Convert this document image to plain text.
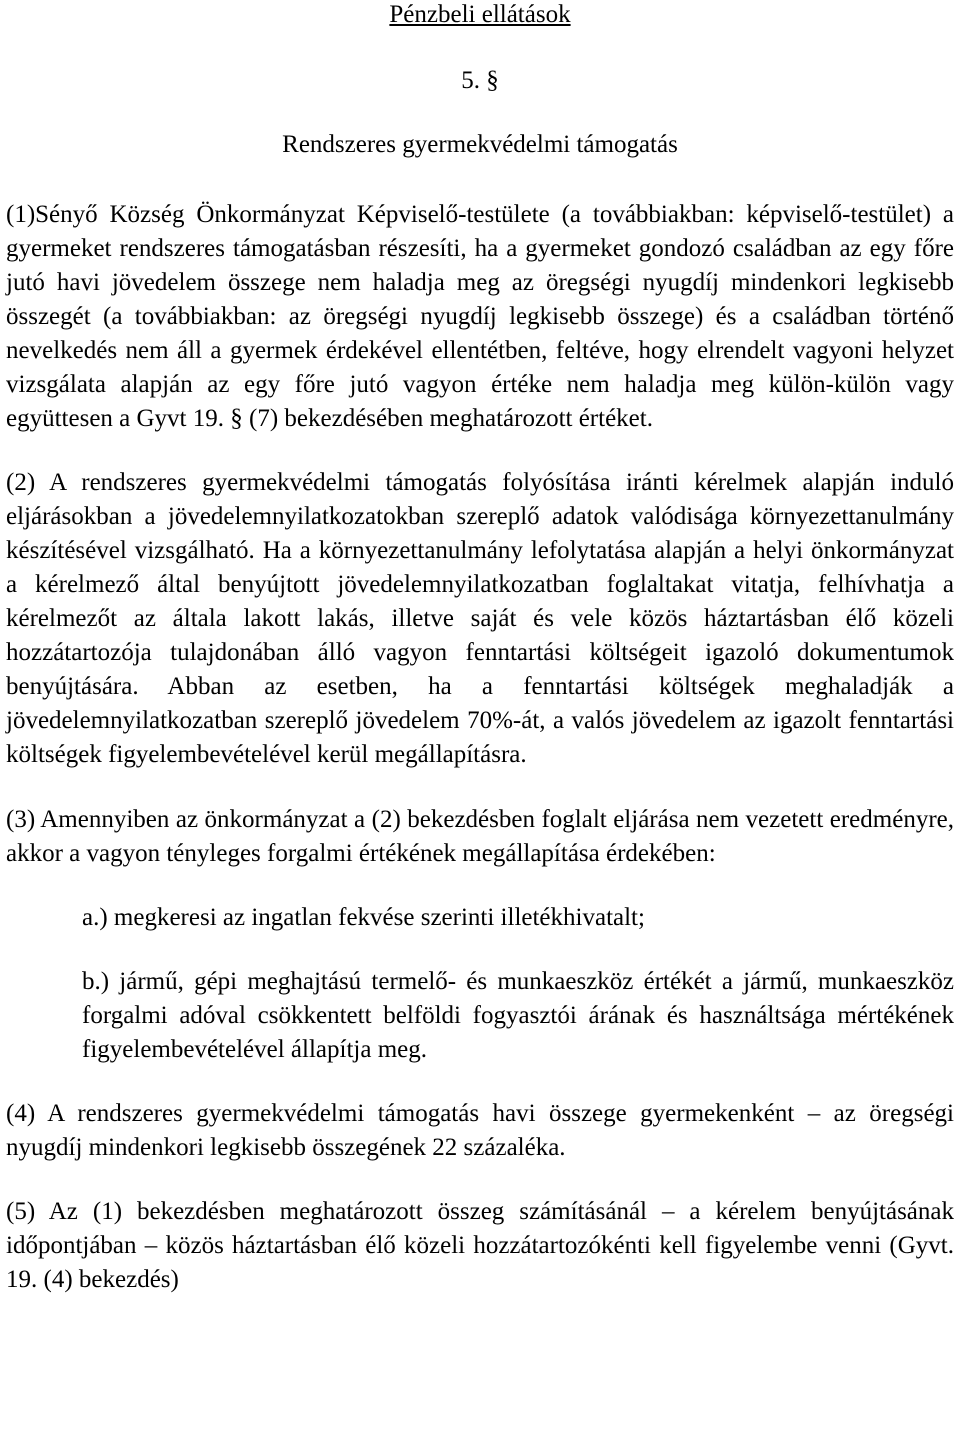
Pénzbeli ellátások

5. §

Rendszeres gyermekvédelmi támogatás

(1)Sényő Község Önkormányzat Képviselő-testülete (a továbbiakban: képviselő-testület) a gyermeket rendszeres támogatásban részesíti, ha a gyermeket gondozó családban az egy főre jutó havi jövedelem összege nem haladja meg az öregségi nyugdíj mindenkori legkisebb összegét (a továbbiakban: az öregségi nyugdíj legkisebb összege) és a családban történő nevelkedés nem áll a gyermek érdekével ellentétben, feltéve, hogy elrendelt vagyoni helyzet vizsgálata alapján az egy főre jutó vagyon értéke nem haladja meg külön-külön vagy együttesen a Gyvt 19. § (7) bekezdésében meghatározott értéket.

(2) A rendszeres gyermekvédelmi támogatás folyósítása iránti kérelmek alapján induló eljárásokban a jövedelemnyilatkozatokban szereplő adatok valódisága környezettanulmány készítésével vizsgálható. Ha a környezettanulmány lefolytatása alapján a helyi önkormányzat a kérelmező által benyújtott jövedelemnyilatkozatban foglaltakat vitatja, felhívhatja a kérelmezőt az általa lakott lakás, illetve saját és vele közös háztartásban élő közeli hozzátartozója tulajdonában álló vagyon fenntartási költségeit igazoló dokumentumok benyújtására. Abban az esetben, ha a fenntartási költségek meghaladják a jövedelemnyilatkozatban szereplő jövedelem 70%-át, a valós jövedelem az igazolt fenntartási költségek figyelembevételével kerül megállapításra.

(3) Amennyiben az önkormányzat a (2) bekezdésben foglalt eljárása nem vezetett eredményre, akkor a vagyon tényleges forgalmi értékének megállapítása érdekében:

a.) megkeresi az ingatlan fekvése szerinti illetékhivatalt;

b.) jármű, gépi meghajtású termelő- és munkaeszköz értékét a jármű, munkaeszköz forgalmi adóval csökkentett belföldi fogyasztói árának és használtsága mértékének figyelembevételével állapítja meg.

(4) A rendszeres gyermekvédelmi támogatás havi összege gyermekenként – az öregségi nyugdíj mindenkori legkisebb összegének 22 százaléka.

(5) Az (1) bekezdésben meghatározott összeg számításánál – a kérelem benyújtásának időpontjában – közös háztartásban élő közeli hozzátartozókénti kell figyelembe venni (Gyvt. 19. (4) bekezdés)
